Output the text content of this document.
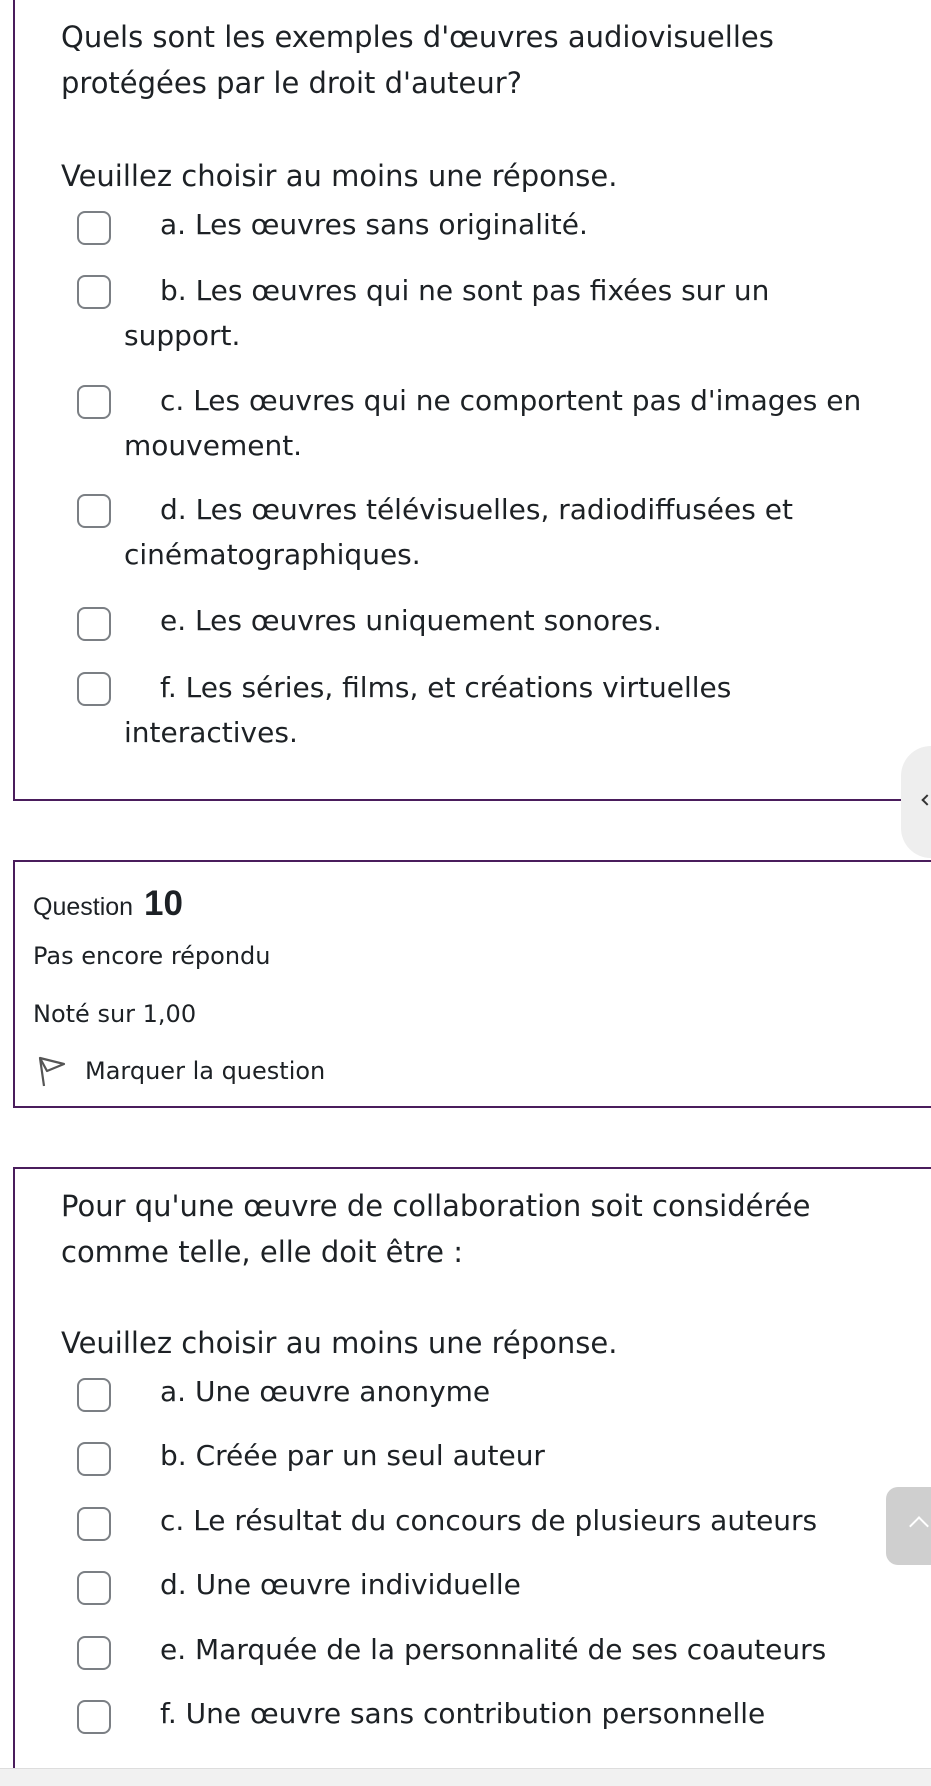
Quels sont les exemples d'œuvres audiovisuelles protégées par le droit d'auteur?
Veuillez choisir au moins une réponse.
a. Les œuvres sans originalité.
b. Les œuvres qui ne sont pas fixées sur un support.
c. Les œuvres qui ne comportent pas d'images en mouvement.
d. Les œuvres télévisuelles, radiodiffusées et cinématographiques.
e. Les œuvres uniquement sonores.
f. Les séries, films, et créations virtuelles interactives.
Question 10
Pas encore répondu
Noté sur 1,00
Marquer la question
Pour qu'une œuvre de collaboration soit considérée comme telle, elle doit être :
Veuillez choisir au moins une réponse.
a. Une œuvre anonyme
b. Créée par un seul auteur
c. Le résultat du concours de plusieurs auteurs
d. Une œuvre individuelle
e. Marquée de la personnalité de ses coauteurs
f. Une œuvre sans contribution personnelle
